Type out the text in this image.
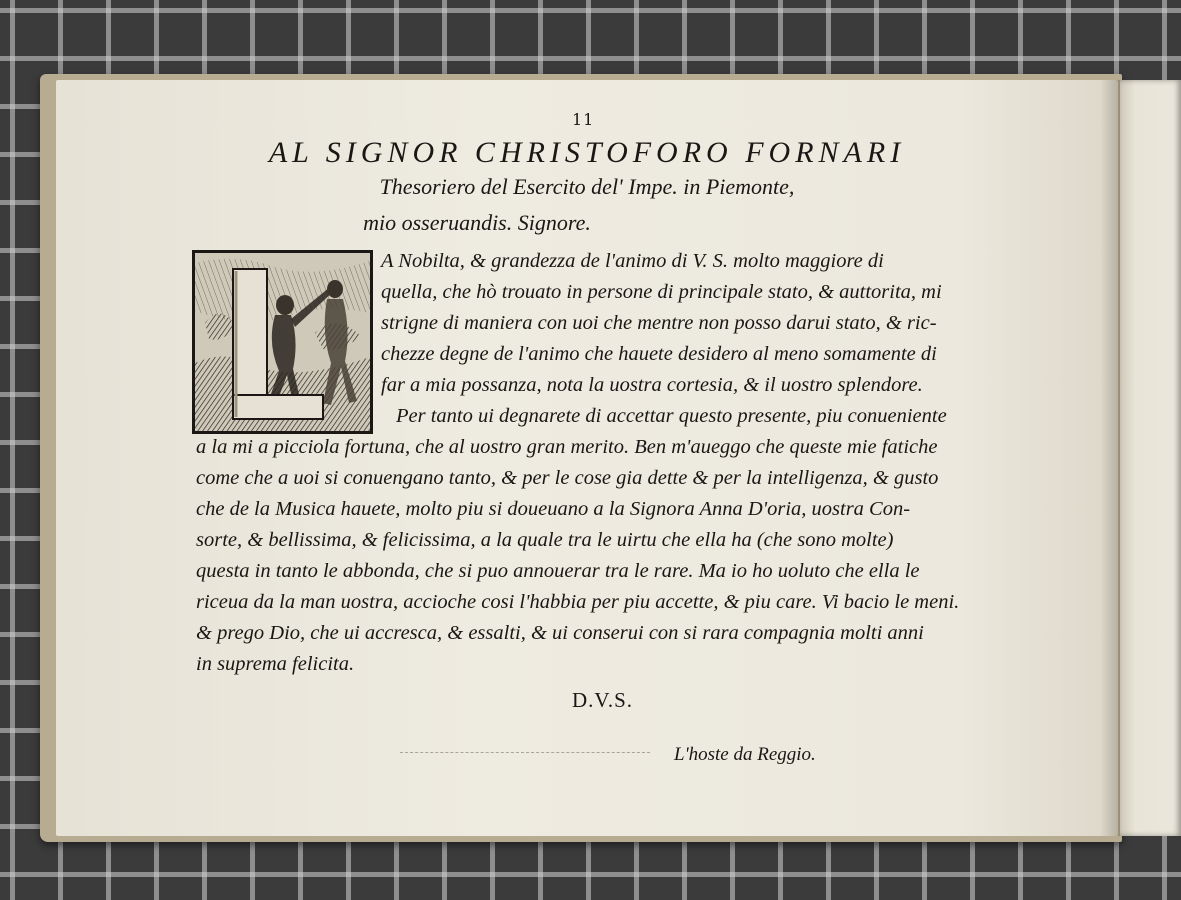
11
AL SIGNOR CHRISTOFORO FORNARI
Thesoriero del Esercito del' Impe. in Piemonte,
mio osseruandis. Signore.
A Nobilta, & grandezza de l'animo di V. S. molto maggiore di
quella, che hò trouato in persone di principale stato, & auttorita, mi
strigne di maniera con uoi che mentre non posso darui stato, & ric-
chezze degne de l'animo che hauete desidero al meno somamente di
far a mia possanza, nota la uostra cortesia, & il uostro splendore.
Per tanto ui degnarete di accettar questo presente, piu conueniente
a la mi a picciola fortuna, che al uostro gran merito. Ben m'aueggo che queste mie fatiche
come che a uoi si conuengano tanto, & per le cose gia dette & per la intelligenza, & gusto
che de la Musica hauete, molto piu si doueuano a la Signora Anna D'oria, uostra Con-
sorte, & bellissima, & felicissima, a la quale tra le uirtu che ella ha (che sono molte)
questa in tanto le abbonda, che si puo annouerar tra le rare. Ma io ho uoluto che ella le
riceua da la man uostra, accioche cosi l'habbia per piu accette, & piu care. Vi bacio le meni.
& prego Dio, che ui accresca, & essalti, & ui conserui con si rara compagnia molti anni
in suprema felicita.
D.V.S.
L'hoste da Reggio.
